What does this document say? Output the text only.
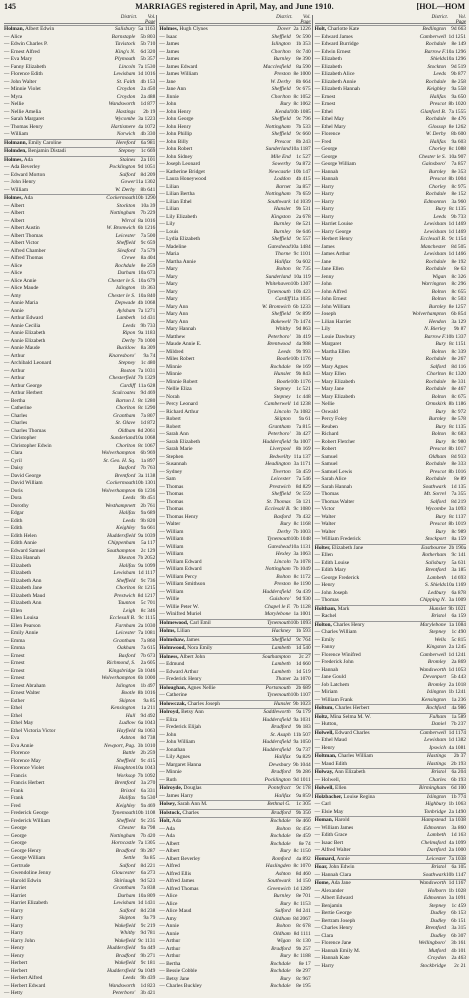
145	MARRIAGES registered in April, May, and June 1910.	[HOL—HOM
District.	Vol. Page
Holman, Albert Edwin	Salisbury 5a 1163
— Alice	Barnstaple 5b 803
— Edwin Charles P.	Tavistock 5b 710
— Ernest Alfred	King's N. 6d 320
— Eva Mary	Plymouth 5b 357
— Fanny Elizabeth	Lincoln 7a 1530
— Florence Edith	Lewisham 1d 1016
— John Walter	St. Faith 4b 153
— Minnie Violet	Croydon	2a 450
— Myra	Croydon	2a 488
— Nellie	Wandsworth 1d 877
— Nellie Amelia	Hastings	2b 19
— Sarah Margaret	Wycombe 3a 1223
— Thomas Henry	Hartismere 4a 1072
— William	Norwich 4b 330
Holmann, Emily Caroline	Hereford	6a 981
Holmden, Benjamin Distadi	Stepney	1c 669
Holmes, Ada	Staines	2a 101
— Ada Beverley	Pocklington 9d 1051
— Edward Morton	Salford 8d 209
— John Henry	Gower 11a 1302
— William	W. Derby 8b 641
Holmes, Ada	Cockermouth 10b 1290
— Albert	Stockton	10a 39
— Albert	Nottingham 7b 229
— Albert	Wirral 8a 1016
— Albert Austin	W. Bromwich 6b 1216
— Albert Thomas	Leicester	7a 500
— Albert Victor	Sheffield	9c 659
— Alfred Chamber	Sleaford	7a 579
— Alfred Thomas	Crewe	8a 404
— Alice	Rochdale	8e 259
— Alice	Durham 10a 673
— Alice Annie	Chester le S. 10a 679
— Alice Maude	Islington 1b 363
— Amy	Chester le S. 10a 840
— Annie Maria	Depwade 4b 1068
— Annie	Aylsham 7a 1271
— Arthur Edward	Lambeth 1d 431
— Annie Cecilia	Leeds 9b 733
— Annie Elizabeth	Ripon 9a 1183
— Annie Elizabeth	Derby 7b 1000
— Annie Maude	Bucklow	8a 309
— Arthur	Knaresboro'	9a 74
— Archibald Leonard	Stepney	1c 480
— Arthur	Boston 7a 1031
— Arthur	Chesterfield 7b 1329
— Arthur George	Cardiff 11a 628
— Arthur Herbert	Sculcoates 9d 469
— Bertha	Barton I. 8c 1280
— Catherine	Chorlton 8c 1290
— Charles	Grantham	7a 807
— Charles	St. Olave 1d 872
— Charles Thomas	Oldham 8d 2061
— Christopher	Sunderland 10a 1068
— Christopher Edwin	Chorlton 8c 1067
— Clara	Wolverhampton 6b 969
— Cyril	St. Geo. H. Sq.	1a 897
— Daisy	Basford 7b 763
— David George	Brentford 3a 1138
— David William	Cockermouth 10b 1301
— Doris	Wolverhampton 6b 1236
— Dora	Leeds 9b 451
— Dorothy	Westhampnett 2b 761
— Edgar	Halifax	9a 689
— Edith	Leeds 9b 820
— Edith	Keighley	9a 661
— Edith Helen	Huddersfield 9a 1039
— Edith Annie	Chippenham	5a 117
— Edward Samuel	Southampton	2c 129
— Eliza Hannah	Ilkeston 7b 2052
— Elizabeth	Halifax 9a 1099
— Elizabeth	Lewisham 1d 1117
— Elizabeth Ann	Sheffield	9c 736
— Elizabeth Jane	Chorlton 8c 1215
— Elizabeth Maud	Prestwich 8d 1217
— Elizabeth Ann	Taunton	5c 701
— Ellen	Leigh	8c 346
— Ellen Louisa	Ecclesall B. 9c 1115
— Ellen Pearson	Farnham 2a 1030
— Emily Annie	Leicester 7a 1081
— Emma	Grantham	7a 860
— Emma	Oakham	7a 615
— Ernest	Basford 7b 673
— Ernest	Richmond, S.	2a 605
— Ernest	Kingsbridge 5b 1046
— Ernest	Wolverhampton 6b 1000
— Ernest Abraham	Islington 1b 497
— Ernest Walter	Bootle 8b 1016
— Esther	Skipton	9a 85
— Ethel	Kensington	1a 211
— Ethel	Hull 9d 492
— Ethel May	Ludlow 6a 1043
— Ethel Victoria Victor	Hayfield 8a 1063
— Eva	Ashton 8d 738
— Eva Annie	Newport, Pag. 3b 1010
— Florence	Battle 2b 259
— Florence May	Sheffield	9c 415
— Florence Violet	Houghton 10a 1043
— Francis	Worksop 7b 1092
— Francis Herbert	Brentford	3a 270
— Frank	Bristol	6a 331
— Frank	Halifax	9a 530
— Fred	Keighley	9a 469
— Frederick George	Tynemouth 10b 1108
— Frederick William	Sheffield	9c 235
— George	Chester	8a 798
— George	Nottingham 7b 420
— George	Horncastle 7a 1305
— George Henry	Bradford 9b 287
— George William	Settle	9a 85
— Gertrude	Salford 8d 221
— Gwendoline Jenny	Gloucester	6a 273
— Harold Edwin	Shirlaugh 9d 523
— Harriet	Grantham	7a 838
— Harriet	Durham 10a 809
— Harriet Elizabeth	Lewisham 1d 1431
— Harry	Salford 8d 238
— Harry	Skipton	9a 79
— Harry	Wakefield	9c 219
— Harry	Whitby 9d 781
— Harry John	Wakefield 9c 1131
— Henry	Huddersfield	9a 449
— Henry	Bradford 9b 271
— Herbert	Wakefield	9c 181
— Herbert	Huddersfield 9a 1049
— Herbert Alfred	Leeds 9b 439
— Herbert Edward	Wandsworth 1d 823
— Hetty	Peterboro' 3b 421
District.	Vol. Page
Holmes, Hugh Clynes	Dover 2a 1226
— Isaac	Sheffield	9c 590
— James	Islington 1b 353
— James	Chorlton	8c 740
— James	Burnley	8e 390
— James Edward	Macclesfield	8a 590
— James William	Preston 8e 1000
— Jane	W. Derby 8b 664
— Jane Ann	Sheffield	9c 675
— Jinnie	Chorlton 8c 1052
— John	Bury 8c 1062
— John Henry	Kendal 10b 1085
— John George	Sheffield	9c 796
— John Henry	Nottingham 7b 533
— John Phillip	Sheffield	9c 660
— John Billy	Prescot 8b 243
— John Robert	Sunderland 10a 1187
— John Sidney	Mile End	1c 527
— Joseph Leonard	Sowerby	9a 872
— Katherine Bridget	Newcastle 10b 147
— Laura Honeywood	Loddon 4b 415
— Lilian	Barnet	3a 857
— Lilian Bertha	Nottingham 7b 659
— Lilian Ethel	Southwark 1d 1039
— Lilian	Hunslet 9b 531
— Lily Elizabeth	Kingston	2a 678
— Lily	Burnley	8e 521
— Louis	Burnley	8e 646
— Lydia Elizabeth	Sheffield	9c 557
— Madeline	Gateshead 10a 1484
— Maria	Thorne 9c 1101
— Martha Annie	Halifax	9a 602
— Mary	Bolton	8c 735
— Mary	Sunderland 10a 119
— Mary	Whitehaven 10b 1307
— Mary	Tynemouth 10b 423
— Mary	Cardiff 11a 1035
— Mary Ann	W. Bromwich 6b 1233
— Mary Ann	Sheffield	9c 899
— Mary Ann	Bakewell 7b 1474
— Mary Hannah	Whitby 9d 863
— Matthew	Peterboro' 3b 419
— Maude Annie E.	Brentwood	4a 988
— Mildred	Leeds 9b 993
— Miles Robert	Bootle 10b 1176
— Minnie	Rochdale	8e 169
— Minnie	Hunslet 9b 843
— Minnie Robert	Bootle 10b 1176
— Nellie Eliza	Stepney	1c 521
— Norah	Stepney	1c 448
— Percy Leonard	Camberwell 1d 1238
— Richard Arthur	Lincoln 7a 1082
— Robert	Skipton	9a 61
— Robert	Grantham	7a 815
— Sarah Ann	Peterboro' 3b 427
— Sarah Elizabeth	Huddersfield 9a 1007
— Sarah Marie	Liverpool 8b 169
— Stephen	Bedwellty 11a 137
— Susannah	Headington 3a 1171
— Sydney	Tiverton 5b 459
— Sam	Leicester	7a 546
— Thomas	Prestwich 8d 829
— Thomas	Sheffield	9c 559
— Thomas	St. Thomas 5b 121
— Thomas	Ecclesall B. 9c 1080
— Thomas Henry	Basford 7b 432
— Walter	Bury 8c 1168
— William	Derby 7b 1003
— William	Tynemouth 10b 1048
— William	Gateshead 10a 1131
— William	Hexley 3a 1063
— William Edward	Lincoln 7a 1078
— William Edward	Nottingham 7b 1049
— William Percy	Bolton 8c 1172
— William Smithson	Preston 8e 1190
— William	Huddersfield	9a 439
— Willie	Guisboro' 9d 930
— Willie Peter W.	Chapel le F. 7b 1128
— Winifred Muriel	Marylebone 1a 1001
Holmewood, Carl Emil	Tynemouth 10b 1093
Holms, Lilian	Hackney 1b 593
Holmshaw, James	Sheffield	9c 764
Holmwood, Nora Emily	Lambeth 1d 540
Holness, Albert John	Southampton	2c 27
— Edmund	Lambeth 1d 660
— Edward Arthur	Lambeth 1d 519
— Frederick Henry	Thanet 2a 1070
Holoughan, Agnes Nellie	Portsmouth 2b 689
— Catherine	Tynemouth 10b 1107
Holowczak, Charles Joseph	Hunslet 9b 1023
Holroyd, Betsy Ann	Saddleworth	9a 179
— Eliza	Huddersfield 9a 1031
— Frederick Elijah	Bradford 9b 183
— John	St. Asaph 11b 507
— John William	Huddersfield 9a 1050
— Jonathan	Huddersfield	9a 737
— Lily Agnes	Halifax	9a 829
— Margaret Hanna	Dewsbury 9b 1044
— Minnie	Bradford 9b 286
— Ruth	Pocklington 9d 1011
Holroyde, Douglas	Pontefract	9c 178
— James Harry	Halifax	9a 859
Holsey, Sarah Ann M.	Bethnal G.	1c 305
Holstock, Charles	Bradford 9b 350
Holt, Ada	Rochdale	8e 460
— Ada	Bolton	8c 456
— Ada	Rochdale	8e 459
— Albert	Rochdale	8e 74
— Albert	Bury 8c 1150
— Albert Beverley	Romford	4a 892
— Alfred	Haslingden 8c 1070
— Alfred Ellis	Ashton 8d 460
— Alfred James	Southwark 1d 150
— Alfred Thomas	Greenwich 1d 1289
— Alice	Burnley	8e 701
— Alice	Bury 8c 1153
— Alice Maud	Salford 8d 241
— Amy	Oldham 8d 2067
— Annie	Bolton	8c 678
— Annie	Oldham 8d 1111
— Arthur	Wigan	8c 130
— Arthur	Bradford 9b 257
— Arthur	Bury 8c 1188
— Bertha	Rochdale	8e 17
— Bessie Cobble	Rochdale	8e 297
— Betsy Jane	Bury	8c 967
— Charles Buckley	Rochdale	8e 195
District.	Vol. Page
Holt, Charlotte Kate	Bedlington 9d 663
— Edward James	Camberwell 1d 1251
— Edward Burridge	Rochdale	8e 149
— Edwin Ernest	Barrow F. 10a 1296
— Elizabeth	Shields 10a 1296
— Elizabeth	Stockton 9d 519
— Elizabeth Alice	Leeds 9b 877
— Elizabeth Annie	Rochdale	8e 258
— Elizabeth Hannah	Keighley	9a 558
— Ernest	Halifax	9a 650
— Ernest	Prescot 8b 1020
— Ethel	Glanford B. 7a 1555
— Ethel May	Rochdale	8e 476
— Ethel Mary	Glossop 8e 1262
— Florence	W. Derby 8b 600
— Fred	Halifax	9a 603
— George	Chorley 8c 1088
— George	Chester le S. 10a 907
— George William	Gainsboro'	7a 857
— Hannah	Burnley	8e 353
— Hannah	Prescot 8b 1004
— Harry	Chorley	8c 975
— Harry	Rochdale	8e 152
— Harry	Edmonton	3a 960
— Harry	Bury 8c 1135
— Harry	Leeds 9b 733
— Harriet Louise	Lewisham 1d 1469
— Harry George	Lewisham 1d 1469
— Herbert Henry	Ecclesall B. 9c 1154
— James	Manchester 8d 505
— James Arthur	Lewisham 1d 1466
— Jane	Rochdale	8e 192
— Jane Ellen	Rochdale	8e 63
— Jenny	Wigan	8c 326
— John	Warrington	8c 296
— John Alfred	Bolton	8c 655
— John Ernest	Bolton	8c 503
— John William	Burnley 8e 1257
— Joseph	Wolverhampton 6b 854
— Lilian Harriet	Hendon	3a 129
— Lily	N. Bierley	9b 87
— Louie Dawbury	Barrow F. 10b 1337
— Margaret	Bury 8c 1151
— Martha Ellen	Bolton	8c 339
— Mary	Rochdale	8e 267
— Mary Agnes	Salford 8d 116
— Mary Ellen	Chorlton 8c 1320
— Mary Elizabeth	Rochdale	8e 331
— Mary Jane	Rochdale	8e 467
— Mary Elizabeth	Bolton	8c 675
— Nellie	Ormskirk 8b 1186
— Oswald	Bury	8c 972
— Percy Foley	Burnley	8e 578
— Reuben	Bury 8c 1135
— Richard	Bolton	8c 683
— Robert Fletcher	Bury	8c 980
— Robert	Prescot 8b 1017
— Samuel	Oldham 8d 933
— Samuel	Rochdale	8e 333
— Samuel Lewis	Prescot 8b 1016
— Sarah Alice	Rochdale	8e 89
— Sarah Hannah	Southwark 1d 135
— Thomas	Mt. Sorrel	7a 355
— Thomas Walter	Salford 8d 219
— Victor	Wycombe 3a 1093
— Walter	Bury 8c 1137
— Walter	Prescot 8b 1019
— Walter	Bury	8c 989
— William Frederick	Stockport	8a 159
Holter, Elizabeth Jane	Eastbourne 2b 190a
— Ellen	Rotherham	9c 141
— Edith Louise	Salisbury	5a 631
— Edith Mary	Brentford	3a 185
— George Frederick	Lambeth 1d 693
— Henry	S. Shields 10a 1169
— John Joseph	Ledbury	6a 878
— Thomas	Chipping N. 3a 1009
Holtham, Mark	Hunslet 9b 1021
— Rachel	Bristol	6a 159
Holton, Charles Henry	Marylebone 1a 1084
— Charles William	Stepney	1c 490
— Emily	Wells	5c 815
— Fanny	Kingston 2a 1245
— Florence Winifred	Camberwell 1d 1241
— Frederick John	Bromley	2a 869
— Hannah	Wandsworth 1d 1053
— Jane Gould	Devonport 5b 443
— Job Latchem	Bromley 2a 1018
— Miriam	Islington 1b 1241
— William Frank	Kensington	1a 236
Holtum, Charles Herbert	Rochford	4a 986
Holtz, Mina Selma M. W.	Fulham	1a 589
— Hutton,	Daniel 7b 237
Holwell, Edward Charles	Camberwell 1d 1174
— Ethel Maud	Lewisham 1d 1382
— Henry	Ipswich 4a 1081
Holtman, Charles William	Hastings	2b 37
— Maud Edith	Hastings 2b 193
Holway, Ann Elizabeth	Bristol	6a 204
— Holwell,	Charles 6b 193
Holwell, Ellen	Birmingham 6d 100
Holzbacher, Louise Regina	Islington 1b 774
— Carl	Highbury 1b 1063
— Elsie May	Tonbridge 2a 1490
Homan, Harold	Hampstead 1a 1038
— William James	Edmonton	3a 860
— Edith Grace	Lambeth 1d 163
— Isaac Bert	Chelmsford 4a 1099
— Alfred Walter	Dartford 2a 1000
Homard, Annie	Leicester 7a 1038
Hoar, John Edwin	Bristol	6a 105
— Hannah Clara	Southwark 10b 1147
Home, Ada Jane	Wandsworth 1d 1167
— Alexander	Holborn 1b 1028
— Albert Edward	Edmonton 3a 1091
— Benjamin	Stepney	1c 459
— Bertie George	Dudley 6b 153
— Bertram Joseph	Dudley 6b 151
— Charles Henry	Brentford	3a 315
— Clara	Dudley 6b 307
— Florence Jane	Wellingboro' 3b 161
— Hannah Emily M.	Mutford 4b 101
— Hannah Kate	Croydon	2a 463
— Harry	Stockbridge	2c 21
